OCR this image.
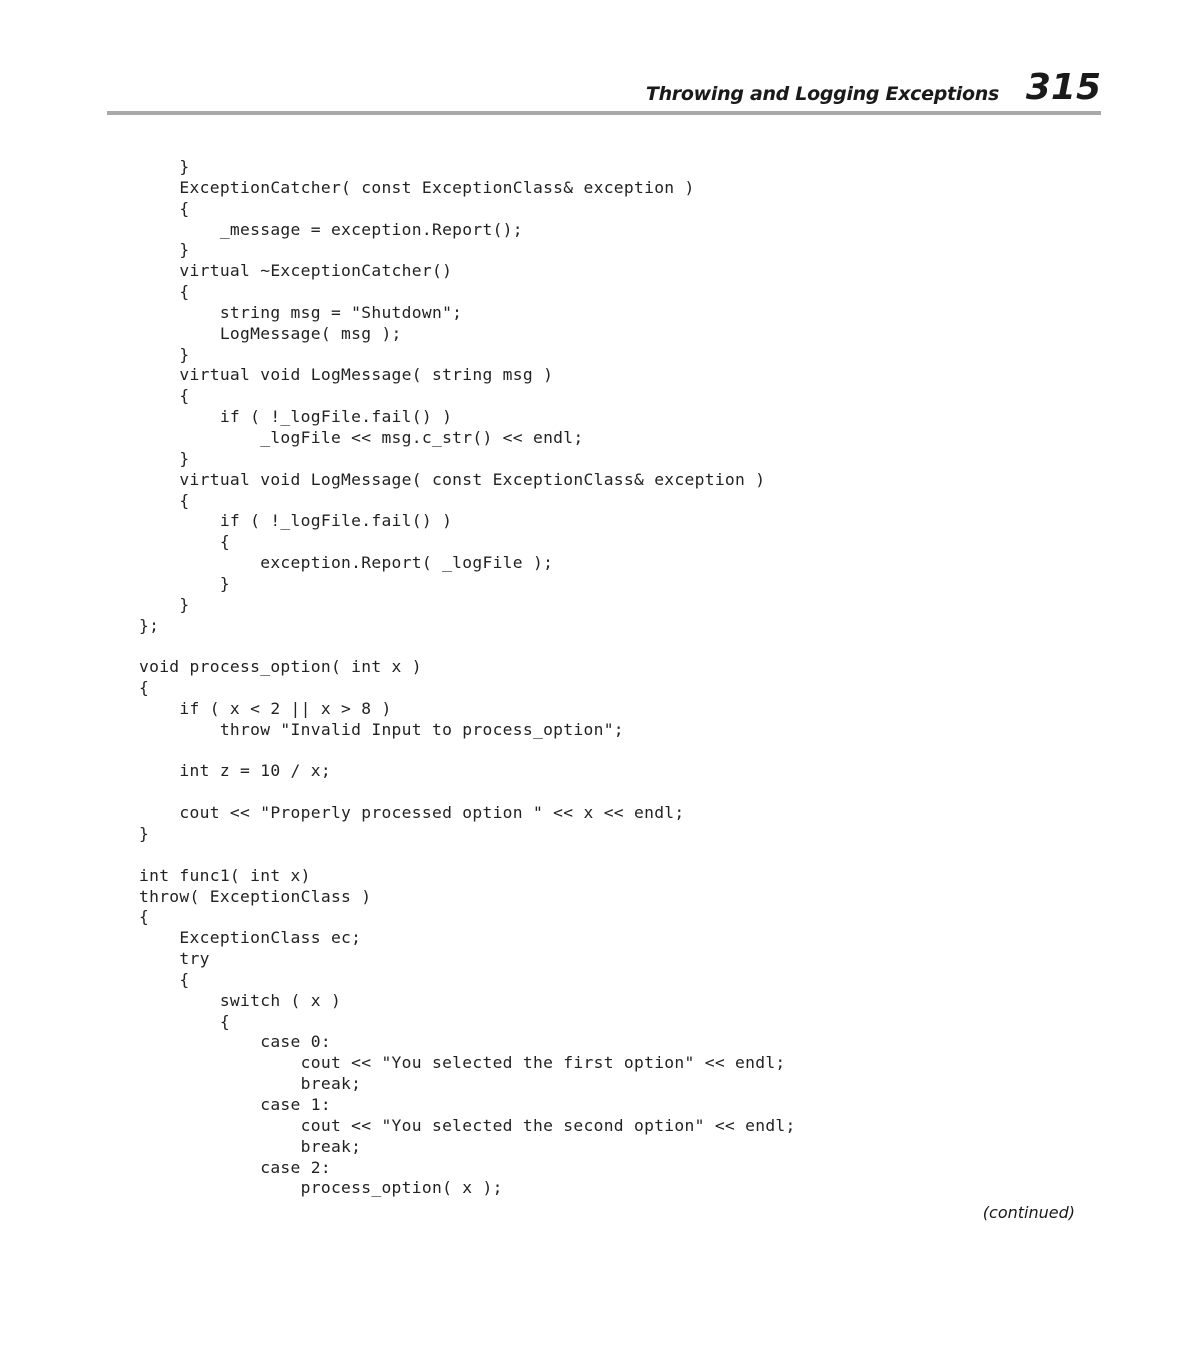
Throwing and Logging Exceptions 315
}
ExceptionCatcher( const ExceptionClass& exception )
{
_message = exception.Report();
}
virtual ~ExceptionCatcher()
{
string msg = "Shutdown";
LogMessage( msg );
}
virtual void LogMessage( string msg )
{
if ( !_logFile.fail() )
_logFile << msg.c_str() << endl;
}
virtual void LogMessage( const ExceptionClass& exception )
{
if ( !_logFile.fail() )
{
exception.Report( _logFile );
}
}
};
void process_option( int x )
{
if ( x < 2 || x > 8 )
throw "Invalid Input to process_option";
int z = 10 / x;
cout << "Properly processed option " << x << endl;
}
int func1( int x)
throw( ExceptionClass )
{
ExceptionClass ec;
try
{
switch ( x )
{
case 0:
cout << "You selected the first option" << endl;
break;
case 1:
cout << "You selected the second option" << endl;
break;
case 2:
process_option( x );
(continued)
